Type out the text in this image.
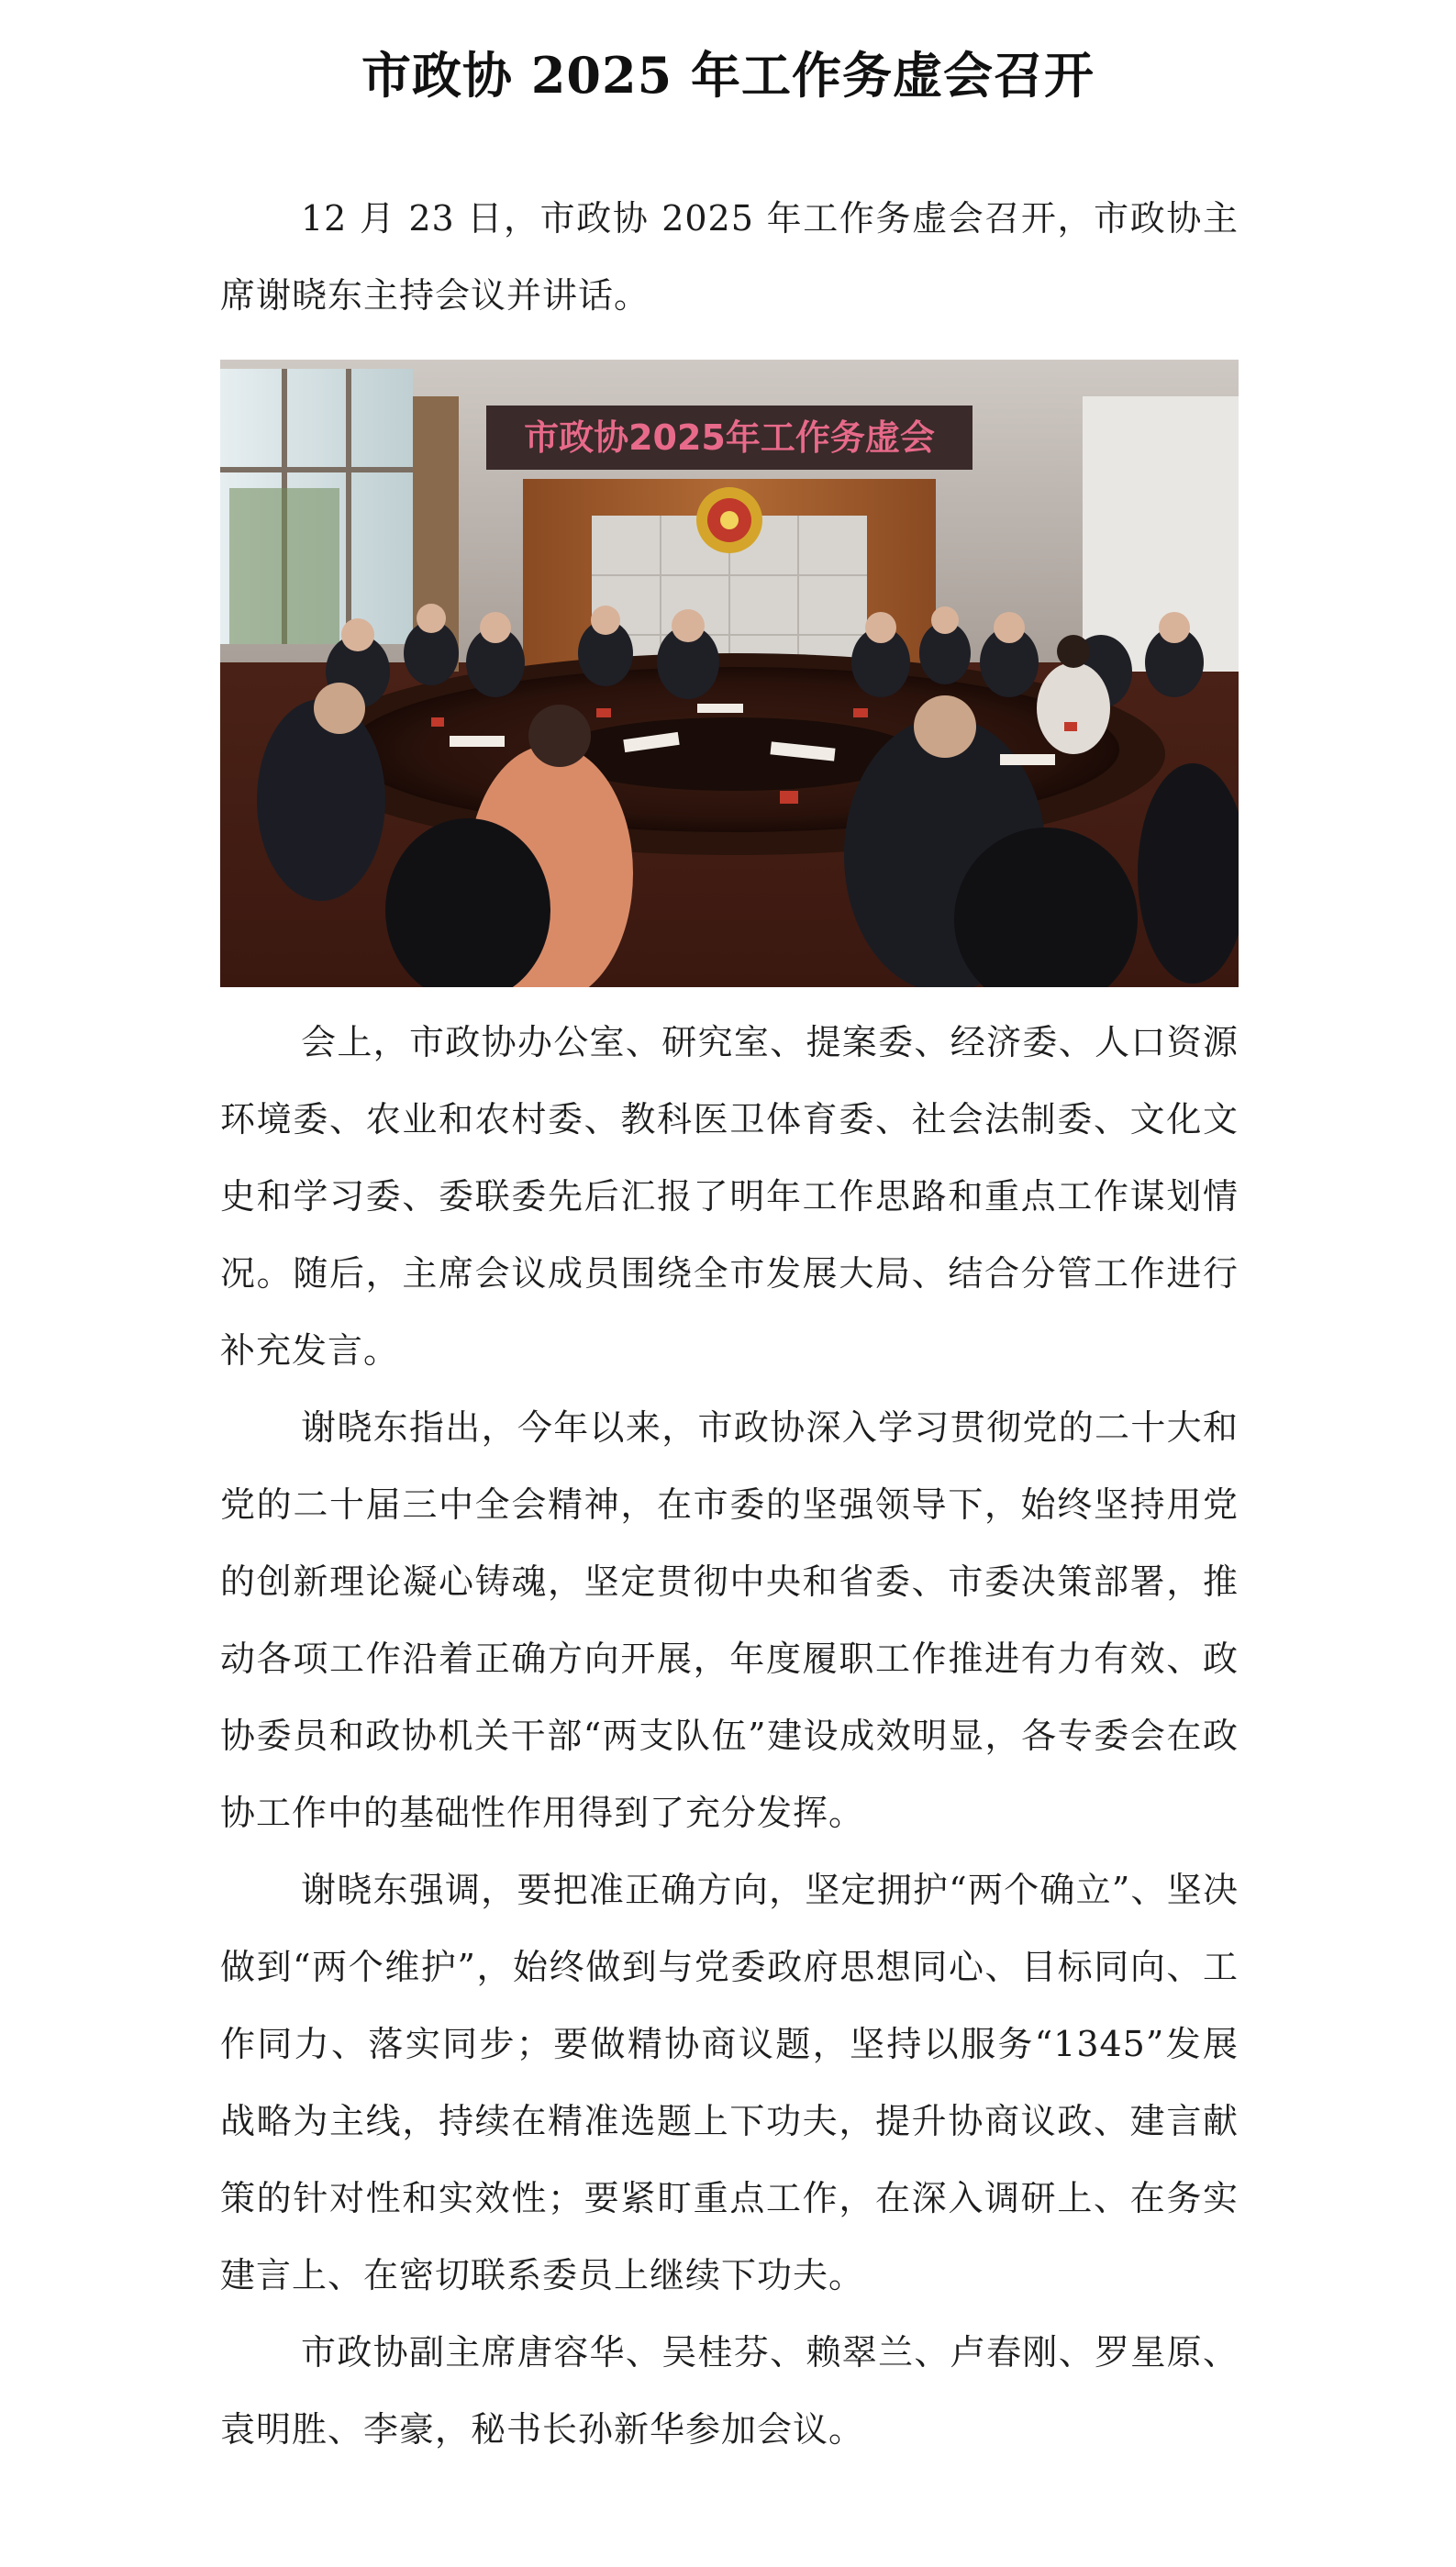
市政协 2025 年工作务虚会召开

12 月 23 日，市政协 2025 年工作务虚会召开，市政协主席谢晓东主持会议并讲话。

市政协2025年工作务虚会

会上，市政协办公室、研究室、提案委、经济委、人口资源环境委、农业和农村委、教科医卫体育委、社会法制委、文化文史和学习委、委联委先后汇报了明年工作思路和重点工作谋划情况。随后，主席会议成员围绕全市发展大局、结合分管工作进行补充发言。

谢晓东指出，今年以来，市政协深入学习贯彻党的二十大和党的二十届三中全会精神，在市委的坚强领导下，始终坚持用党的创新理论凝心铸魂，坚定贯彻中央和省委、市委决策部署，推动各项工作沿着正确方向开展，年度履职工作推进有力有效、政协委员和政协机关干部“两支队伍”建设成效明显，各专委会在政协工作中的基础性作用得到了充分发挥。

谢晓东强调，要把准正确方向，坚定拥护“两个确立”、坚决做到“两个维护”，始终做到与党委政府思想同心、目标同向、工作同力、落实同步；要做精协商议题，坚持以服务“1345”发展战略为主线，持续在精准选题上下功夫，提升协商议政、建言献策的针对性和实效性；要紧盯重点工作，在深入调研上、在务实建言上、在密切联系委员上继续下功夫。

市政协副主席唐容华、吴桂芬、赖翠兰、卢春刚、罗星原、袁明胜、李豪，秘书长孙新华参加会议。
